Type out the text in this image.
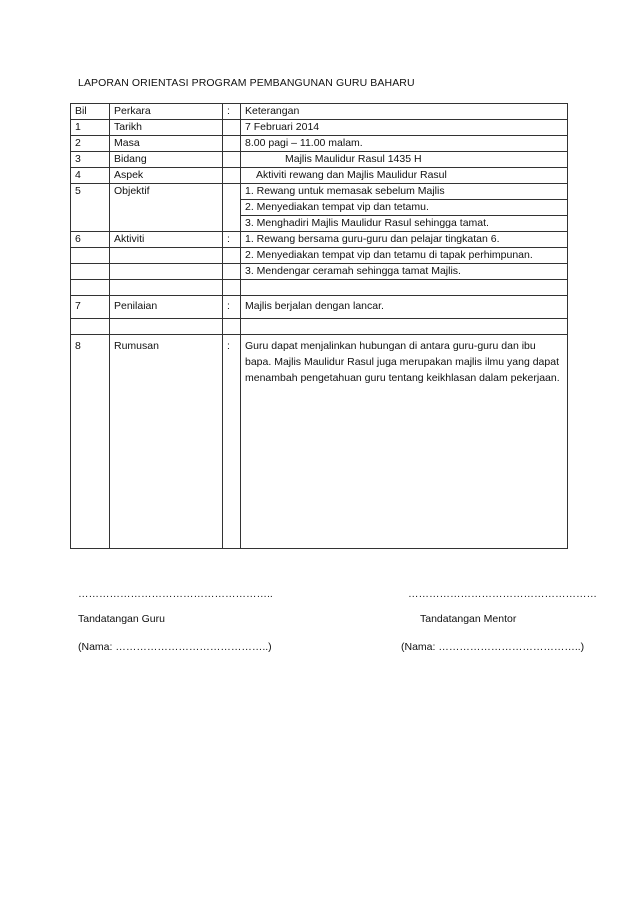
LAPORAN ORIENTASI PROGRAM PEMBANGUNAN GURU BAHARU
Bil	Perkara	:	Keterangan
1	Tarikh		7 Februari 2014
2	Masa		8.00 pagi – 11.00 malam.
3	Bidang		Majlis Maulidur Rasul 1435 H
4	Aspek		Aktiviti rewang dan Majlis Maulidur Rasul
5	Objektif		1. Rewang untuk memasak sebelum Majlis
			2. Menyediakan tempat vip dan tetamu.
			3. Menghadiri Majlis Maulidur Rasul sehingga tamat.
6	Aktiviti	:	1. Rewang bersama guru-guru dan pelajar tingkatan 6.
			2. Menyediakan tempat vip dan tetamu di tapak perhimpunan.
			3. Mendengar ceramah sehingga tamat Majlis.

7	Penilaian	:	Majlis berjalan dengan lancar.

8	Rumusan	:	Guru dapat menjalinkan hubungan di antara guru-guru dan ibu bapa. Majlis Maulidur Rasul juga merupakan majlis ilmu yang dapat menambah pengetahuan guru tentang keikhlasan dalam pekerjaan.
………………………………………………..
Tandatangan Guru
(Nama: ……………………………………..)
………………………………………………
Tandatangan Mentor
(Nama: …………………………………..)
